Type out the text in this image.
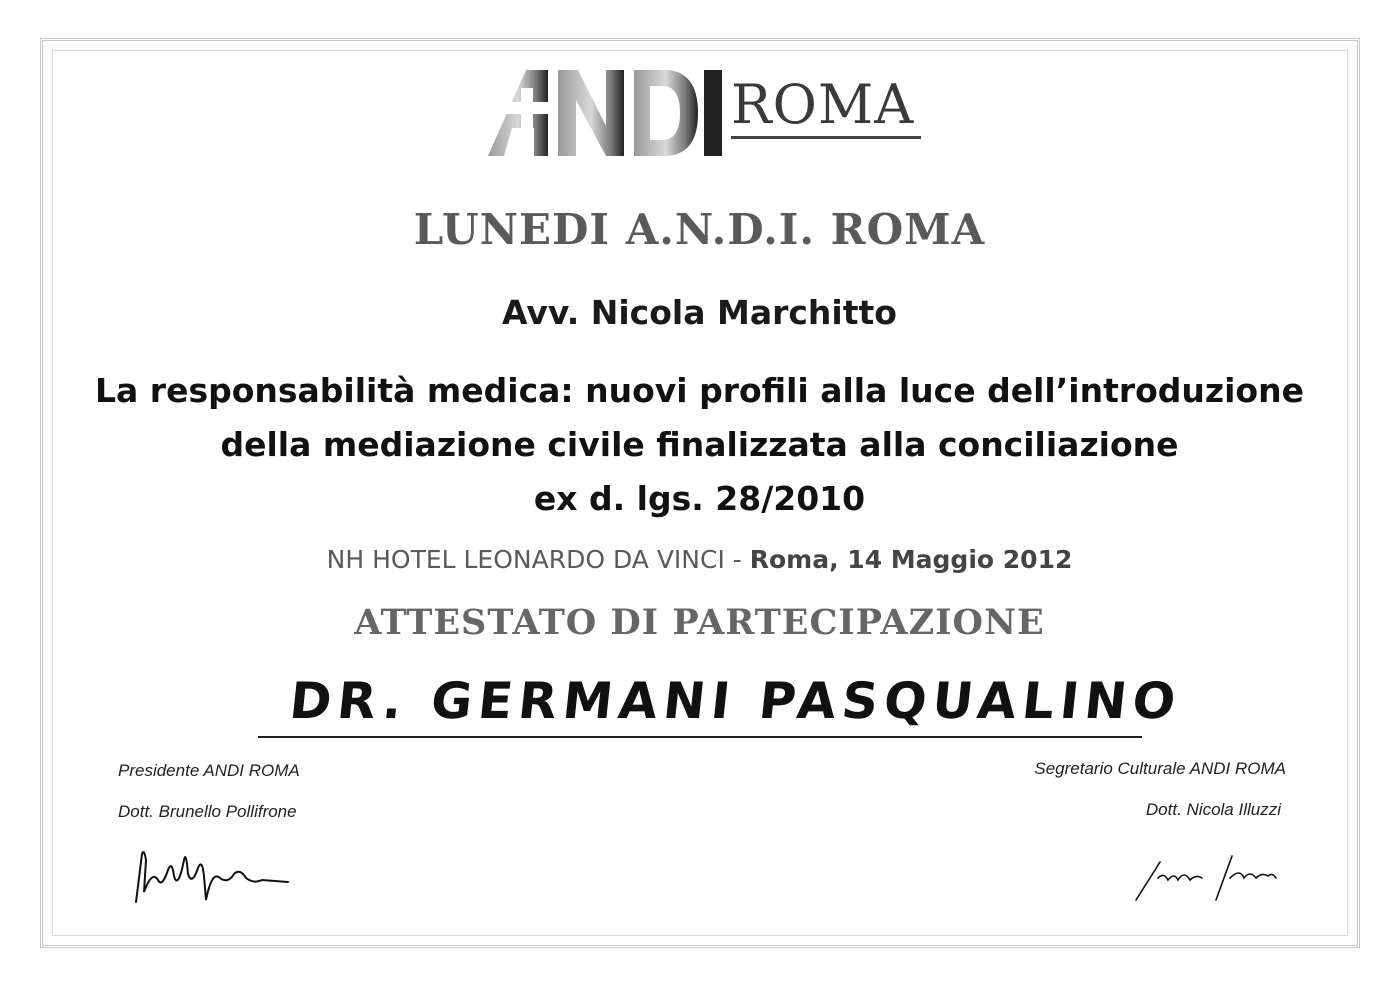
ROMA
LUNEDI A.N.D.I. ROMA
Avv. Nicola Marchitto
La responsabilità medica: nuovi profili alla luce dell’introduzione
della mediazione civile finalizzata alla conciliazione
ex d. lgs. 28/2010
NH HOTEL LEONARDO DA VINCI - Roma, 14 Maggio 2012
ATTESTATO DI PARTECIPAZIONE
DR. GERMANI PASQUALINO
Presidente ANDI ROMA
Dott. Brunello Pollifrone
Segretario Culturale ANDI ROMA
Dott. Nicola Illuzzi
